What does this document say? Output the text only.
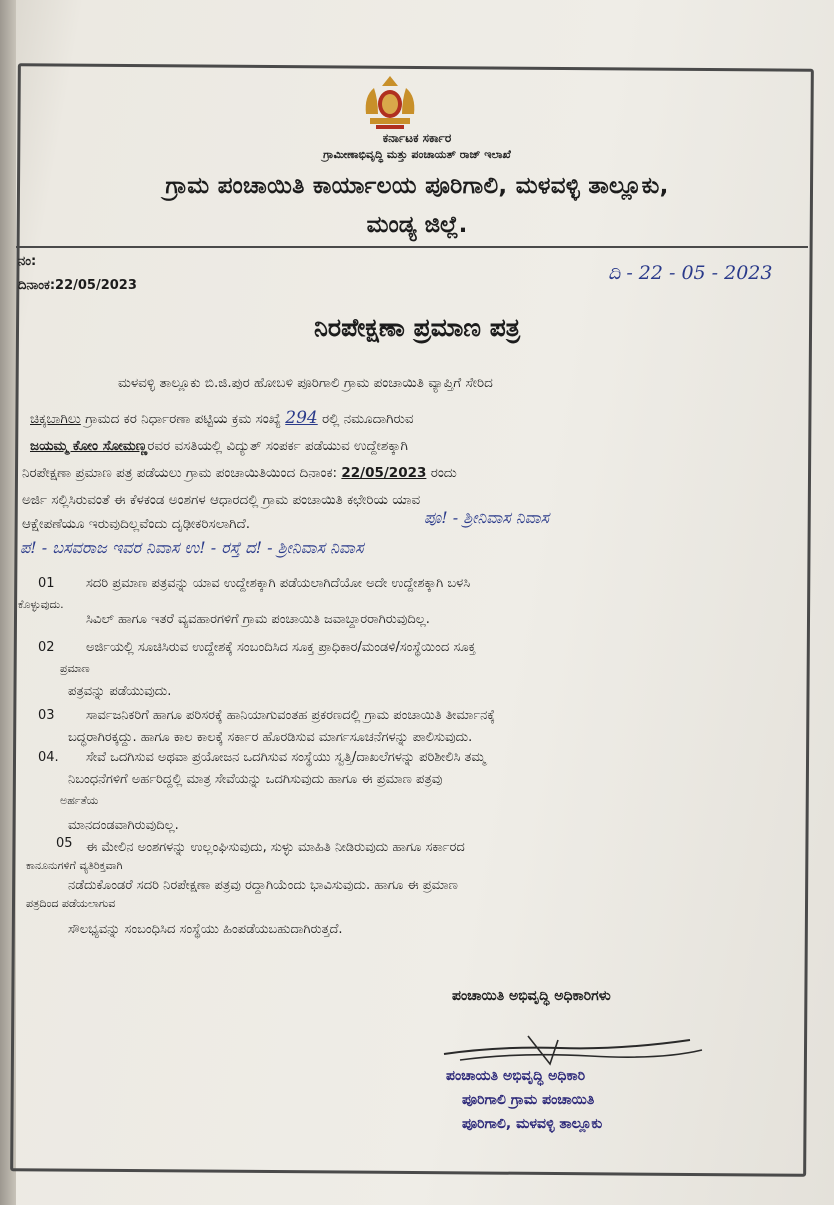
ಕರ್ನಾಟಕ ಸರ್ಕಾರ
ಗ್ರಾಮೀಣಾಭಿವೃದ್ಧಿ ಮತ್ತು ಪಂಚಾಯತ್ ರಾಜ್ ಇಲಾಖೆ
ಗ್ರಾಮ ಪಂಚಾಯಿತಿ ಕಾರ್ಯಾಲಯ ಪೂರಿಗಾಲಿ, ಮಳವಳ್ಳಿ ತಾಲ್ಲೂಕು,
ಮಂಡ್ಯ ಜಿಲ್ಲೆ.
ನಂ:
ದಿನಾಂಕ:22/05/2023
ದಿ - 22 - 05 - 2023
ನಿರಪೇಕ್ಷಣಾ ಪ್ರಮಾಣ ಪತ್ರ
ಮಳವಳ್ಳಿ ತಾಲ್ಲೂಕು ಬಿ.ಜಿ.ಪುರ ಹೋಬಳಿ ಪೂರಿಗಾಲಿ ಗ್ರಾಮ ಪಂಚಾಯಿತಿ ವ್ಯಾಪ್ತಿಗೆ ಸೇರಿದ
ಚಿಕ್ಕಬಾಗಿಲು ಗ್ರಾಮದ ಕರ ನಿರ್ಧಾರಣಾ ಪಟ್ಟಿಯ ಕ್ರಮ ಸಂಖ್ಯೆ 294 ರಲ್ಲಿ ನಮೂದಾಗಿರುವ
ಜಯಮ್ಮ ಕೋಂ ಸೋಮಣ್ಣರವರ ವಸತಿಯಲ್ಲಿ ವಿದ್ಯುತ್ ಸಂಪರ್ಕ ಪಡೆಯುವ ಉದ್ದೇಶಕ್ಕಾಗಿ
ನಿರಪೇಕ್ಷಣಾ ಪ್ರಮಾಣ ಪತ್ರ ಪಡೆಯಲು ಗ್ರಾಮ ಪಂಚಾಯಿತಿಯಿಂದ ದಿನಾಂಕ: 22/05/2023 ರಂದು
ಅರ್ಜಿ ಸಲ್ಲಿಸಿರುವಂತೆ ಈ ಕೆಳಕಂಡ ಅಂಶಗಳ ಆಧಾರದಲ್ಲಿ ಗ್ರಾಮ ಪಂಚಾಯಿತಿ ಕಛೇರಿಯ ಯಾವ
ಆಕ್ಷೇಪಣೆಯೂ ಇರುವುದಿಲ್ಲವೆಂದು ದೃಢೀಕರಿಸಲಾಗಿದೆ.	ಪೂ! - ಶ್ರೀನಿವಾಸ ನಿವಾಸ
ಪ! - ಬಸವರಾಜ ಇವರ ನಿವಾಸ ಉ! - ರಸ್ತೆ ದ! - ಶ್ರೀನಿವಾಸ ನಿವಾಸ
01 ಸದರಿ ಪ್ರಮಾಣ ಪತ್ರವನ್ನು ಯಾವ ಉದ್ದೇಶಕ್ಕಾಗಿ ಪಡೆಯಲಾಗಿದೆಯೋ ಅದೇ ಉದ್ದೇಶಕ್ಕಾಗಿ ಬಳಸಿ
ಕೊಳ್ಳುವುದು.
ಸಿವಿಲ್ ಹಾಗೂ ಇತರೆ ವ್ಯವಹಾರಗಳಿಗೆ ಗ್ರಾಮ ಪಂಚಾಯಿತಿ ಜವಾಬ್ದಾರರಾಗಿರುವುದಿಲ್ಲ.
02 ಅರ್ಜಿಯಲ್ಲಿ ಸೂಚಿಸಿರುವ ಉದ್ದೇಶಕ್ಕೆ ಸಂಬಂದಿಸಿದ ಸೂಕ್ತ ಪ್ರಾಧಿಕಾರ/ಮಂಡಳಿ/ಸಂಸ್ಥೆಯಿಂದ ಸೂಕ್ತ
ಪ್ರಮಾಣ
ಪತ್ರವನ್ನು ಪಡೆಯುವುದು.
03 ಸಾರ್ವಜನಿಕರಿಗೆ ಹಾಗೂ ಪರಿಸರಕ್ಕೆ ಹಾನಿಯಾಗುವಂತಹ ಪ್ರಕರಣದಲ್ಲಿ ಗ್ರಾಮ ಪಂಚಾಯಿತಿ ತೀರ್ಮಾನಕ್ಕೆ
ಬದ್ಧರಾಗಿರಕ್ಕದ್ದು. ಹಾಗೂ ಕಾಲ ಕಾಲಕ್ಕೆ ಸರ್ಕಾರ ಹೊರಡಿಸುವ ಮಾರ್ಗಸೂಚನೆಗಳನ್ನು ಪಾಲಿಸುವುದು.
04. ಸೇವೆ ಒದಗಿಸುವ ಅಥವಾ ಪ್ರಯೋಜನ ಒದಗಿಸುವ ಸಂಸ್ಥೆಯು ಸ್ವತ್ತಿ/ದಾಖಲೆಗಳನ್ನು ಪರಿಶೀಲಿಸಿ ತಮ್ಮ
ನಿಬಂಧನೆಗಳಿಗೆ ಅರ್ಹರಿದ್ದಲ್ಲಿ ಮಾತ್ರ ಸೇವೆಯನ್ನು ಒದಗಿಸುವುದು ಹಾಗೂ ಈ ಪ್ರಮಾಣ ಪತ್ರವು
ಅರ್ಹತೆಯ
ಮಾನದಂಡವಾಗಿರುವುದಿಲ್ಲ.
05 ಈ ಮೇಲಿನ ಅಂಶಗಳನ್ನು ಉಲ್ಲಂಘಿಸುವುದು, ಸುಳ್ಳು ಮಾಹಿತಿ ನೀಡಿರುವುದು ಹಾಗೂ ಸರ್ಕಾರದ
ಕಾನೂನುಗಳಿಗೆ ವ್ಯತಿರಿಕ್ತವಾಗಿ
ನಡೆದುಕೊಂಡರೆ ಸದರಿ ನಿರಪೇಕ್ಷಣಾ ಪತ್ರವು ರದ್ದಾಗಿಯೆಂದು ಭಾವಿಸುವುದು. ಹಾಗೂ ಈ ಪ್ರಮಾಣ
ಪತ್ರದಿಂದ ಪಡೆಯಲಾಗುವ
ಸೌಲಭ್ಯವನ್ನು ಸಂಬಂಧಿಸಿದ ಸಂಸ್ಥೆಯು ಹಿಂಪಡೆಯಬಹುದಾಗಿರುತ್ತದೆ.
ಪಂಚಾಯಿತಿ ಅಭಿವೃದ್ಧಿ ಅಧಿಕಾರಿಗಳು
ಪಂಚಾಯತಿ ಅಭಿವೃದ್ಧಿ ಅಧಿಕಾರಿ
ಪೂರಿಗಾಲಿ ಗ್ರಾಮ ಪಂಚಾಯಿತಿ
ಪೂರಿಗಾಲಿ, ಮಳವಳ್ಳಿ ತಾಲ್ಲೂಕು
